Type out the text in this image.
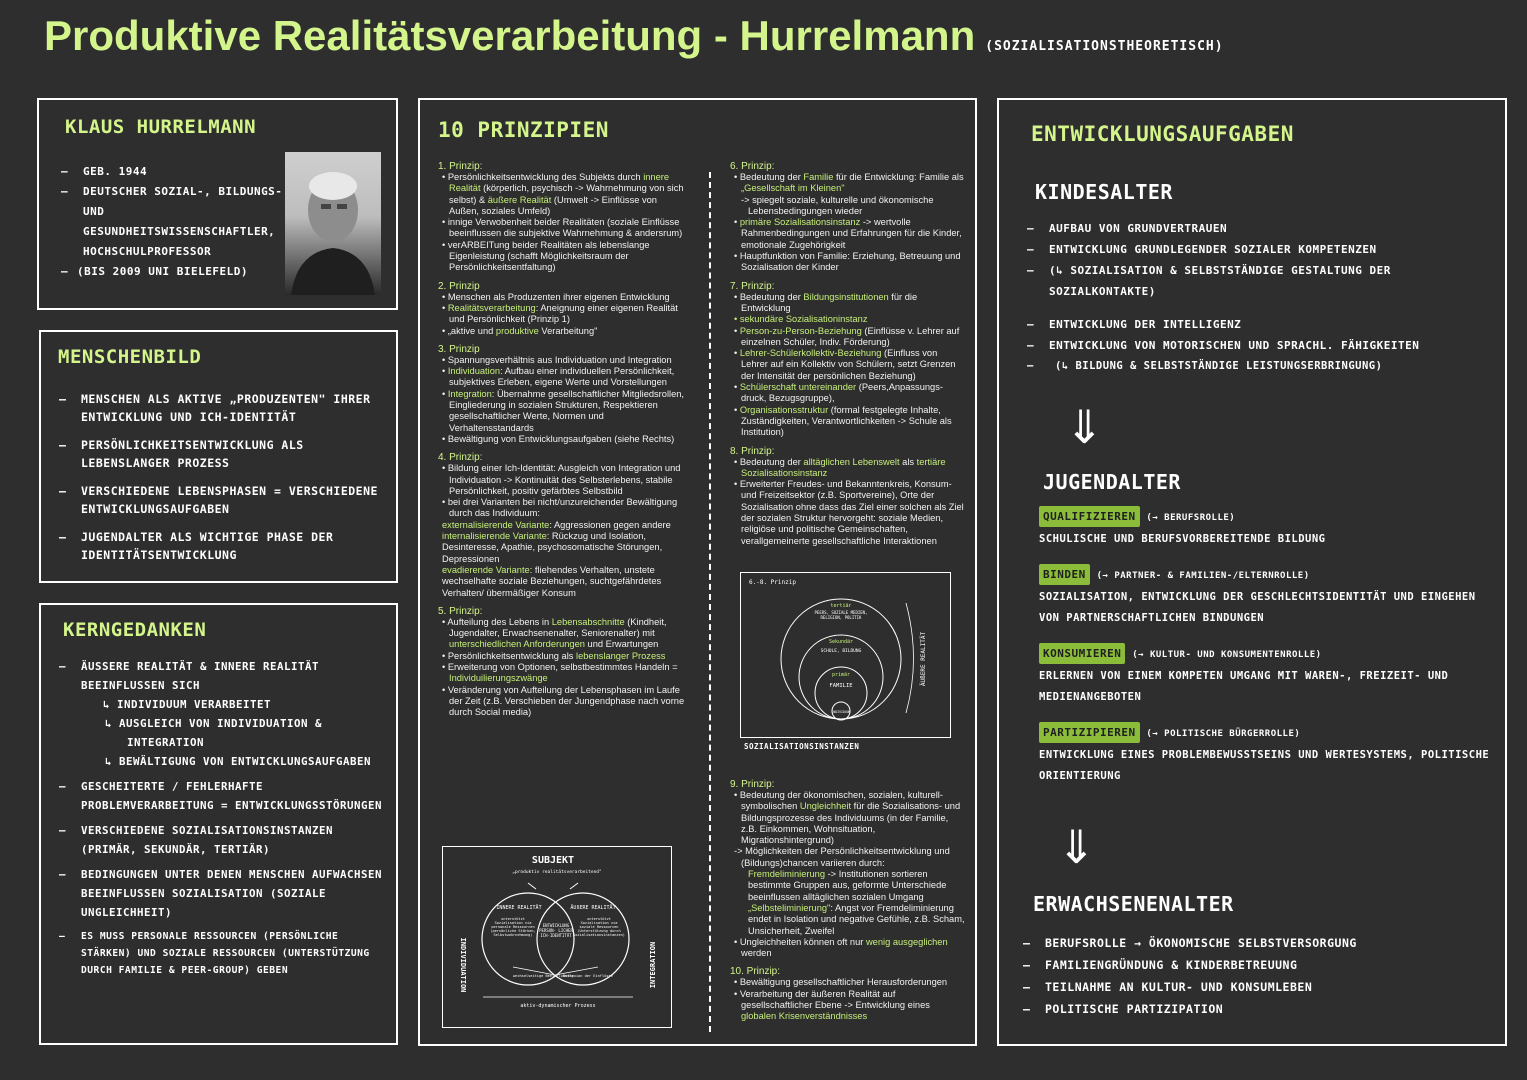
Produktive Realitätsverarbeitung - Hurrelmann (SOZIALISATIONSTHEORETISCH)
KLAUS HURRELMANN
– GEB. 1944
– DEUTSCHER SOZIAL-, BILDUNGS- UND GESUNDHEITSWISSENSCHAFTLER, HOCHSCHULPROFESSOR
– (BIS 2009 UNI BIELEFELD)
MENSCHENBILD
– MENSCHEN ALS AKTIVE „PRODUZENTEN" IHRER ENTWICKLUNG UND ICH-IDENTITÄT
– PERSÖNLICHKEITSENTWICKLUNG ALS LEBENSLANGER PROZESS
– VERSCHIEDENE LEBENSPHASEN = VERSCHIEDENE ENTWICKLUNGSAUFGABEN
– JUGENDALTER ALS WICHTIGE PHASE DER IDENTITÄTSENTWICKLUNG
KERNGEDANKEN
– ÄUSSERE REALITÄT & INNERE REALITÄT BEEINFLUSSEN SICH
↳ INDIVIDUUM VERARBEITET
↳ AUSGLEICH VON INDIVIDUATION & INTEGRATION
↳ BEWÄLTIGUNG VON ENTWICKLUNGSAUFGABEN
– GESCHEITERTE / FEHLERHAFTE PROBLEMVERARBEITUNG = ENTWICKLUNGSSTÖRUNGEN
– VERSCHIEDENE SOZIALISATIONSINSTANZEN (PRIMÄR, SEKUNDÄR, TERTIÄR)
– BEDINGUNGEN UNTER DENEN MENSCHEN AUFWACHSEN BEEINFLUSSEN SOZIALISATION (SOZIALE UNGLEICHHEIT)
– ES MUSS PERSONALE RESSOURCEN (PERSÖNLICHE STÄRKEN) UND SOZIALE RESSOURCEN (UNTERSTÜTZUNG DURCH FAMILIE & PEER-GROUP) GEBEN
10 PRINZIPIEN
1. Prinzip:
• Persönlichkeitsentwicklung des Subjekts durch innere Realität (körperlich, psychisch -> Wahrnehmung von sich selbst) & äußere Realität (Umwelt -> Einflüsse von Außen, soziales Umfeld)
• innige Verwobenheit beider Realitäten (soziale Einflüsse beeinflussen die subjektive Wahrnehmung & andersrum)
• verARBEITung beider Realitäten als lebenslange Eigenleistung (schafft Möglichkeitsraum der Persönlichkeitsentfaltung)
2. Prinzip
• Menschen als Produzenten ihrer eigenen Entwicklung
• Realitätsverarbeitung: Aneignung einer eigenen Realität und Persönlichkeit (Prinzip 1)
• „aktive und produktive Verarbeitung"
3. Prinzip
• Spannungsverhältnis aus Individuation und Integration
• Individuation: Aufbau einer individuellen Persönlichkeit, subjektives Erleben, eigene Werte und Vorstellungen
• Integration: Übernahme gesellschaftlicher Mitgliedsrollen, Eingliederung in sozialen Strukturen, Respektieren gesellschaftlicher Werte, Normen und Verhaltensstandards
• Bewältigung von Entwicklungsaufgaben (siehe Rechts)
4. Prinzip:
• Bildung einer Ich-Identität: Ausgleich von Integration und Individuation -> Kontinuität des Selbsterlebens, stabile Persönlichkeit, positiv gefärbtes Selbstbild
• bei drei Varianten bei nicht/unzureichender Bewältigung durch das Individuum:
externalisierende Variante: Aggressionen gegen andere
internalisierende Variante: Rückzug und Isolation, Desinteresse, Apathie, psychosomatische Störungen, Depressionen
evadierende Variante: fliehendes Verhalten, unstete wechselhafte soziale Beziehungen, suchtgefährdetes Verhalten/ übermäßiger Konsum
5. Prinzip:
• Aufteilung des Lebens in Lebensabschnitte (Kindheit, Jugendalter, Erwachsenenalter, Seniorenalter) mit unterschiedlichen Anforderungen und Erwartungen
• Persönlichkeitsentwicklung als lebenslanger Prozess
• Erweiterung von Optionen, selbstbestimmtes Handeln = Individuilierungszwänge
• Veränderung von Aufteilung der Lebensphasen im Laufe der Zeit (z.B. Verschieben der Jungendphase nach vorne durch Social media)
SUBJEKT
„produktiv realitätsverarbeitend"
INNERE REALITÄT	ÄUßERE REALITÄT
unterstützt Sozialisation via personale Ressourcen (persönliche Stärken, Selbstwahrnehmung)
unterstützt Sozialisation via soziale Ressourcen (Unterstützung durch Sozialisationsinstanzen)
ENTWICKLUNG PERSON- LICHER ICH-IDENTITÄT
wechselseitige Beeinflussung
Reflexion der Einflüsse
aktiv-dynamischer Prozess
INDIVIDUATION	INTEGRATION
6. Prinzip:
• Bedeutung der Familie für die Entwicklung: Familie als „Gesellschaft im Kleinen"
-> spiegelt soziale, kulturelle und ökonomische Lebensbedingungen wieder
• primäre Sozialisationsinstanz -> wertvolle Rahmenbedingungen und Erfahrungen für die Kinder, emotionale Zugehörigkeit
• Hauptfunktion von Familie: Erziehung, Betreuung und Sozialisation der Kinder
7. Prinzip:
• Bedeutung der Bildungsinstitutionen für die Entwicklung
• sekundäre Sozialisationinstanz
• Person-zu-Person-Beziehung (Einflüsse v. Lehrer auf einzelnen Schüler, Indiv. Förderung)
• Lehrer-Schülerkollektiv-Beziehung (Einfluss von Lehrer auf ein Kollektiv von Schülern, setzt Grenzen der Intensität der persönlichen Beziehung)
• Schülerschaft untereinander (Peers,Anpassungs-druck, Bezugsgruppe),
• Organisationsstruktur (formal festgelegte Inhalte, Zuständigkeiten, Verantwortlichkeiten -> Schule als Institution)
8. Prinzip:
• Bedeutung der alltäglichen Lebenswelt als tertiäre Sozialisationsinstanz
• Erweiterter Freudes- und Bekanntenkreis, Konsum- und Freizeitsektor (z.B. Sportvereine), Orte der Sozialisation ohne dass das Ziel einer solchen als Ziel der sozialen Struktur hervorgeht: soziale Medien, religiöse und politische Gemeinschaften, verallgemeinerte gesellschaftliche Interaktionen
6.-8. Prinzip
tertiär
PEERS, SOZIALE MEDIEN, RELIGION, POLITIK
Sekundär
SCHULE, BILDUNG
primär
FAMILIE
INDIVIDUUM
ÄUßERE REALITÄT
SOZIALISATIONSINSTANZEN
9. Prinzip:
• Bedeutung der ökonomischen, sozialen, kulturell-symbolischen Ungleichheit für die Sozialisations- und Bildungsprozesse des Individuums (in der Familie, z.B. Einkommen, Wohnsituation, Migrationshintergrund)
-> Möglichkeiten der Persönlichkeitsentwicklung und (Bildungs)chancen variieren durch:
Fremdeliminierung -> Institutionen sortieren bestimmte Gruppen aus, geformte Unterschiede beeinflussen alltäglichen sozialen Umgang
„Selbsteliminierung": Angst vor Fremdeliminierung endet in Isolation und negative Gefühle, z.B. Scham, Unsicherheit, Zweifel
• Ungleichheiten können oft nur wenig ausgeglichen werden
10. Prinzip:
• Bewältigung gesellschaftlicher Herausforderungen
• Verarbeitung der äußeren Realität auf gesellschaftlicher Ebene -> Entwicklung eines globalen Krisenverständnisses
ENTWICKLUNGSAUFGABEN
KINDESALTER
– AUFBAU VON GRUNDVERTRAUEN
– ENTWICKLUNG GRUNDLEGENDER SOZIALER KOMPETENZEN
– (↳ SOZIALISATION & SELBSTSTÄNDIGE GESTALTUNG DER SOZIALKONTAKTE)
– ENTWICKLUNG DER INTELLIGENZ
– ENTWICKLUNG VON MOTORISCHEN UND SPRACHL. FÄHIGKEITEN
– (↳ BILDUNG & SELBSTSTÄNDIGE LEISTUNGSERBRINGUNG)
⇓
JUGENDALTER
QUALIFIZIEREN (→ BERUFSROLLE)
SCHULISCHE UND BERUFSVORBEREITENDE BILDUNG
BINDEN (→ PARTNER- & FAMILIEN-/ELTERNROLLE)
SOZIALISATION, ENTWICKLUNG DER GESCHLECHTSIDENTITÄT UND EINGEHEN VON PARTNERSCHAFTLICHEN BINDUNGEN
KONSUMIEREN (→ KULTUR- UND KONSUMENTENROLLE)
ERLERNEN VON EINEM KOMPETEN UMGANG MIT WAREN-, FREIZEIT- UND MEDIENANGEBOTEN
PARTIZIPIEREN (→ POLITISCHE BÜRGERROLLE)
ENTWICKLUNG EINES PROBLEMBEWUSSTSEINS UND WERTESYSTEMS, POLITISCHE ORIENTIERUNG
⇓
ERWACHSENENALTER
– BERUFSROLLE → ÖKONOMISCHE SELBSTVERSORGUNG
– FAMILIENGRÜNDUNG & KINDERBETREUUNG
– TEILNAHME AN KULTUR- UND KONSUMLEBEN
– POLITISCHE PARTIZIPATION
